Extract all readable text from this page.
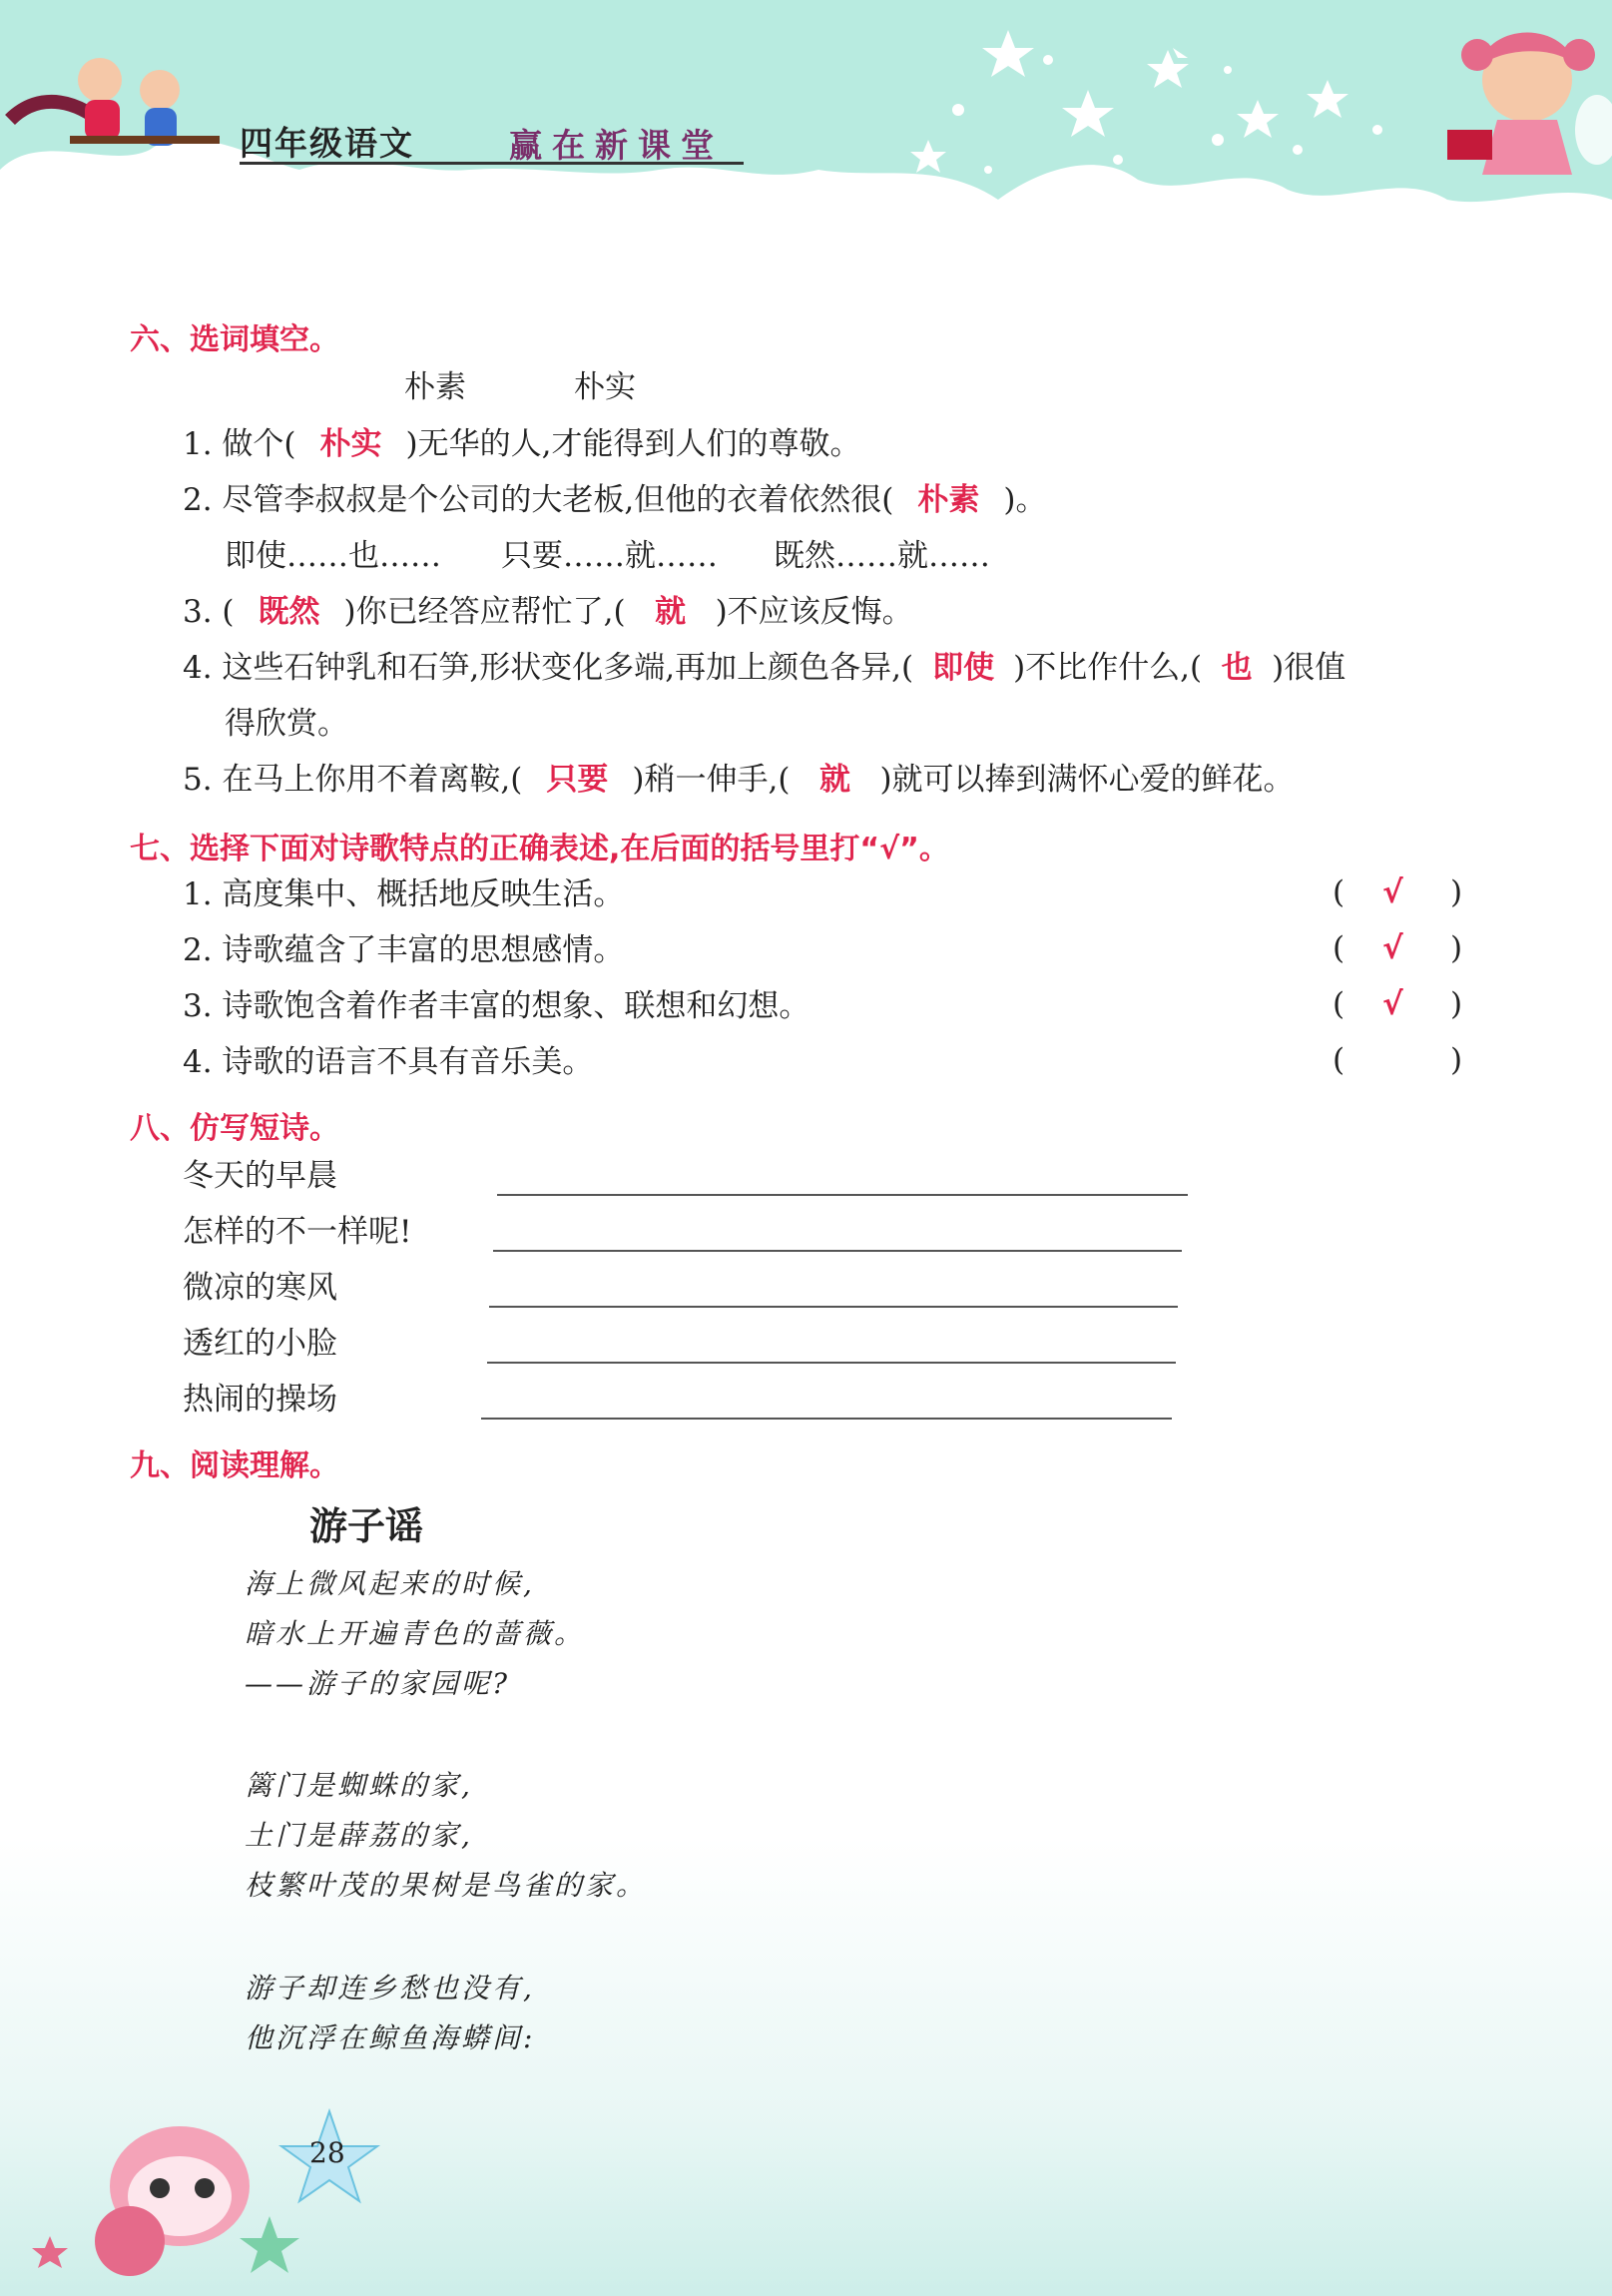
四年级语文	赢在新课堂
六、选词填空。
朴素	朴实
1. 做个( 朴实 )无华的人,才能得到人们的尊敬。
2. 尽管李叔叔是个公司的大老板,但他的衣着依然很( 朴素 )。
即使……也…… 只要……就…… 既然……就……
3. ( 既然 )你已经答应帮忙了,( 就 )不应该反悔。
4. 这些石钟乳和石笋,形状变化多端,再加上颜色各异,( 即使 )不比作什么,( 也 )很值
得欣赏。
5. 在马上你用不着离鞍,( 只要 )稍一伸手,( 就 )就可以捧到满怀心爱的鲜花。
七、选择下面对诗歌特点的正确表述,在后面的括号里打“√”。
1. 高度集中、概括地反映生活。	( √ )
2. 诗歌蕴含了丰富的思想感情。	( √ )
3. 诗歌饱含着作者丰富的想象、联想和幻想。	( √ )
4. 诗歌的语言不具有音乐美。	(	)
八、仿写短诗。
冬天的早晨
怎样的不一样呢!
微凉的寒风
透红的小脸
热闹的操场
九、阅读理解。
游子谣
海上微风起来的时候,
暗水上开遍青色的蔷薇。
——游子的家园呢?
篱门是蜘蛛的家,
土门是薜荔的家,
枝繁叶茂的果树是鸟雀的家。
游子却连乡愁也没有,
他沉浮在鲸鱼海蟒间:
28
